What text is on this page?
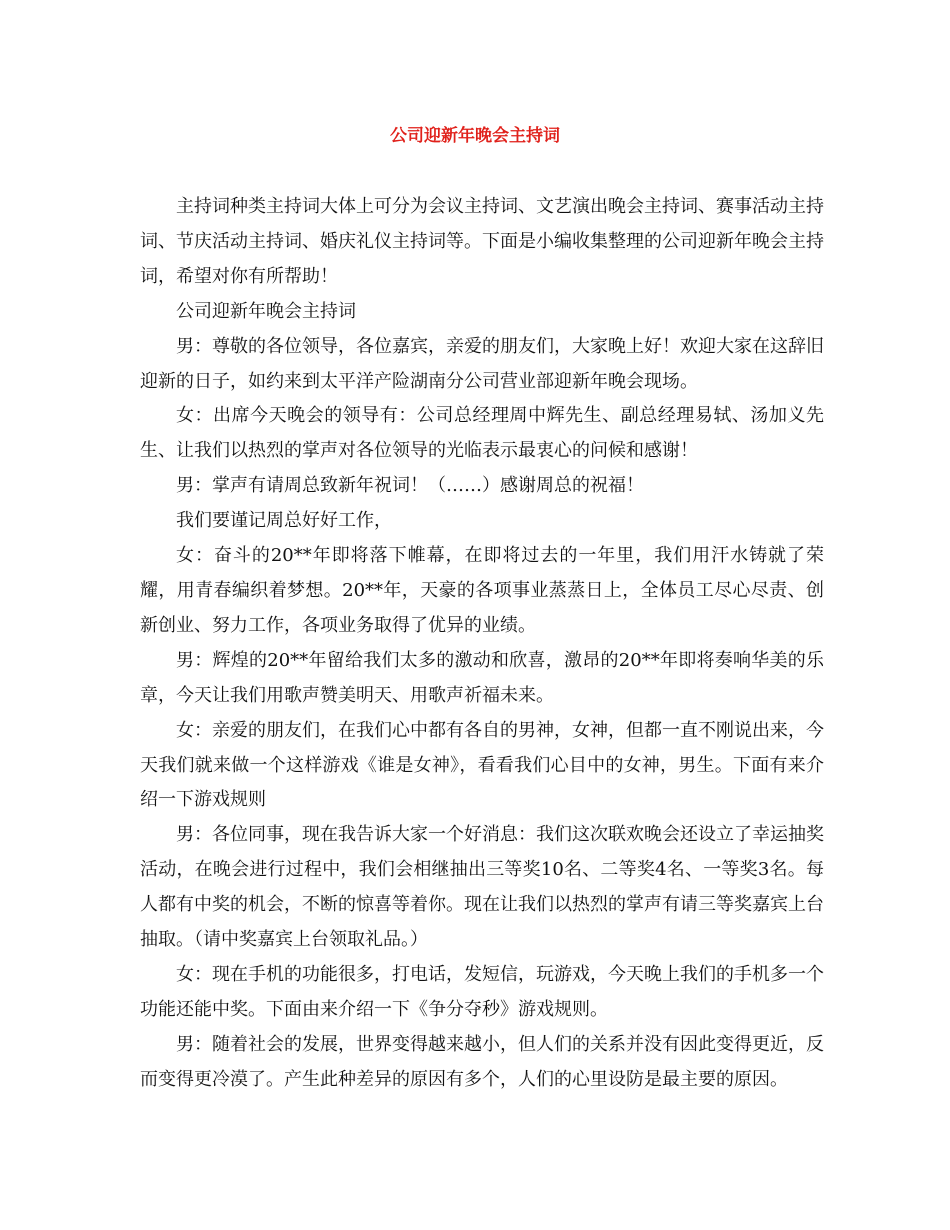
公司迎新年晚会主持词

主持词种类主持词大体上可分为会议主持词、文艺演出晚会主持词、赛事活动主持词、节庆活动主持词、婚庆礼仪主持词等。下面是小编收集整理的公司迎新年晚会主持词，希望对你有所帮助！

公司迎新年晚会主持词

男：尊敬的各位领导，各位嘉宾，亲爱的朋友们，大家晚上好！欢迎大家在这辞旧迎新的日子，如约来到太平洋产险湖南分公司营业部迎新年晚会现场。

女：出席今天晚会的领导有：公司总经理周中辉先生、副总经理易轼、汤加义先生、让我们以热烈的掌声对各位领导的光临表示最衷心的问候和感谢！

男：掌声有请周总致新年祝词！（……）感谢周总的祝福！

我们要谨记周总好好工作，

女：奋斗的20**年即将落下帷幕，在即将过去的一年里，我们用汗水铸就了荣耀，用青春编织着梦想。20**年，天豪的各项事业蒸蒸日上，全体员工尽心尽责、创新创业、努力工作，各项业务取得了优异的业绩。

男：辉煌的20**年留给我们太多的激动和欣喜，激昂的20**年即将奏响华美的乐章，今天让我们用歌声赞美明天、用歌声祈福未来。

女：亲爱的朋友们，在我们心中都有各自的男神，女神，但都一直不刚说出来，今天我们就来做一个这样游戏《谁是女神》，看看我们心目中的女神，男生。下面有来介绍一下游戏规则

男：各位同事，现在我告诉大家一个好消息：我们这次联欢晚会还设立了幸运抽奖活动，在晚会进行过程中，我们会相继抽出三等奖10名、二等奖4名、一等奖3名。每人都有中奖的机会，不断的惊喜等着你。现在让我们以热烈的掌声有请三等奖嘉宾上台抽取。（请中奖嘉宾上台领取礼品。）

女：现在手机的功能很多，打电话，发短信，玩游戏，今天晚上我们的手机多一个功能还能中奖。下面由来介绍一下《争分夺秒》游戏规则。

男：随着社会的发展，世界变得越来越小，但人们的关系并没有因此变得更近，反而变得更冷漠了。产生此种差异的原因有多个，人们的心里设防是最主要的原因。
